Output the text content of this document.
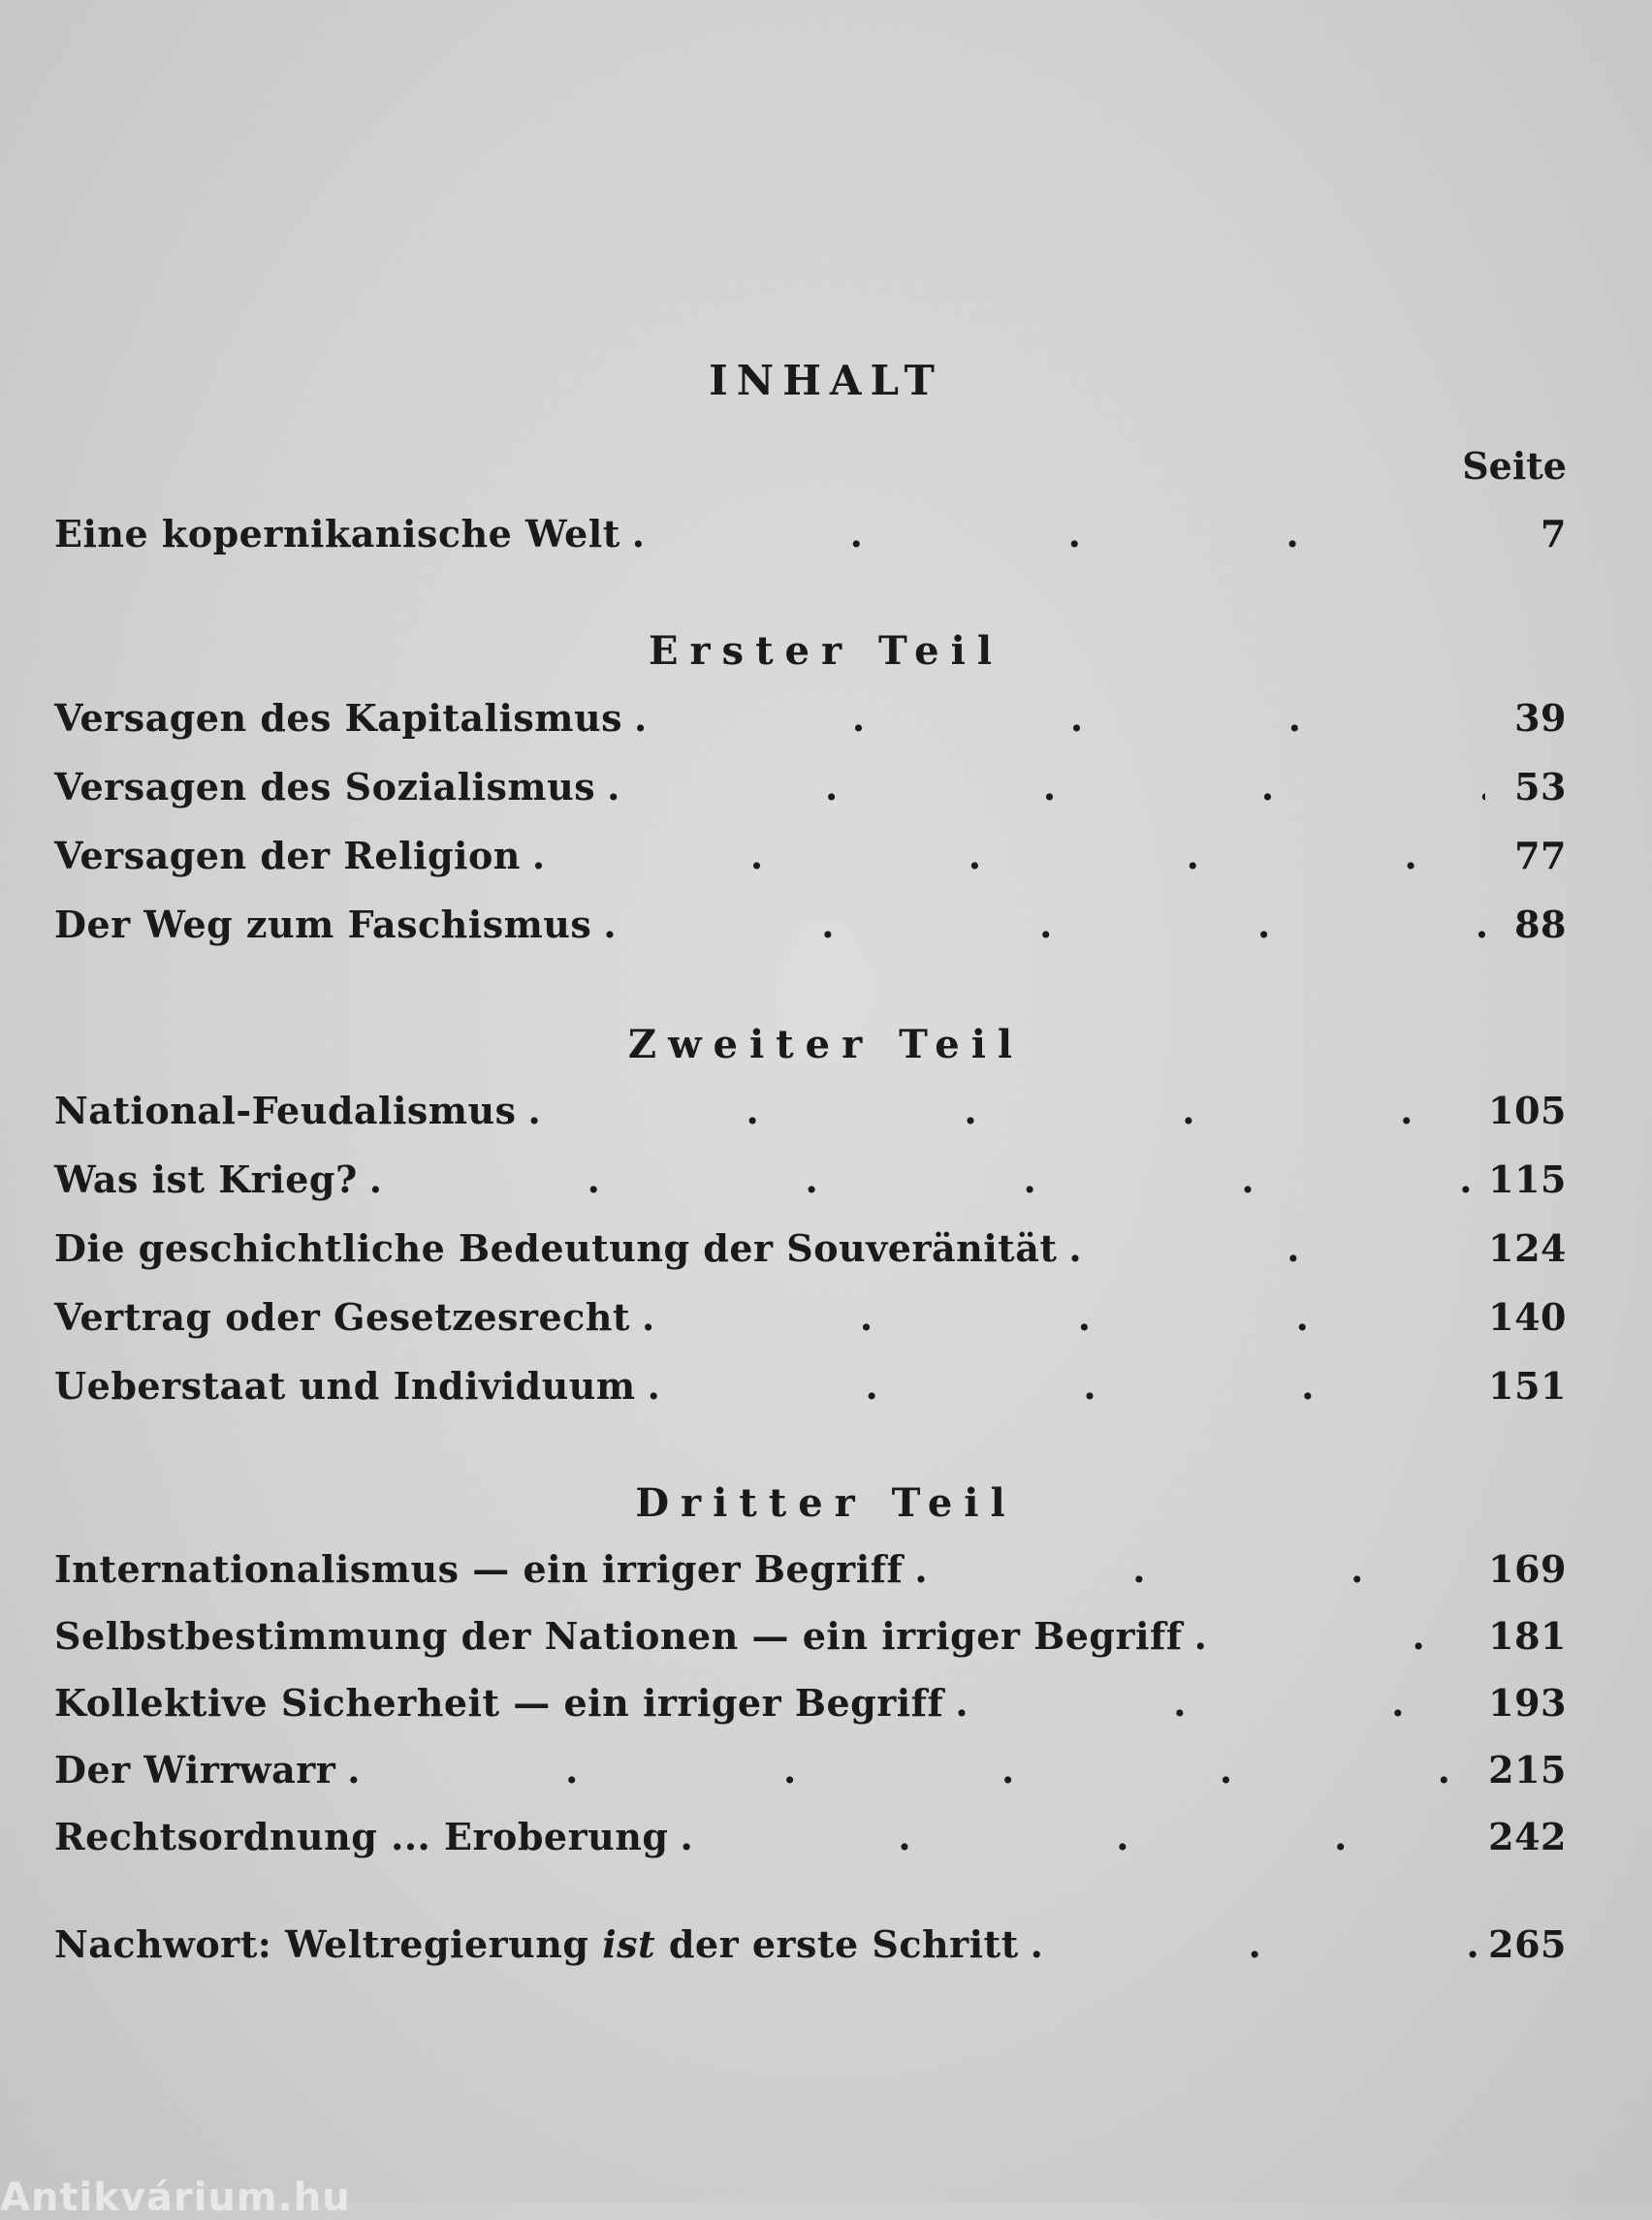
INHALT
Seite
Eine kopernikanische Welt .	7
Erster Teil
Versagen des Kapitalismus .	39
Versagen des Sozialismus .	53
Versagen der Religion .	77
Der Weg zum Faschismus .	88
Zweiter Teil
National-Feudalismus .	105
Was ist Krieg? .	115
Die geschichtliche Bedeutung der Souveränität .	124
Vertrag oder Gesetzesrecht .	140
Ueberstaat und Individuum .	151
Dritter Teil
Internationalismus — ein irriger Begriff .	169
Selbstbestimmung der Nationen — ein irriger Begriff .	181
Kollektive Sicherheit — ein irriger Begriff .	193
Der Wirrwarr .	215
Rechtsordnung ... Eroberung .	242
Nachwort: Weltregierung ist der erste Schritt .	265
Antikvárium.hu
